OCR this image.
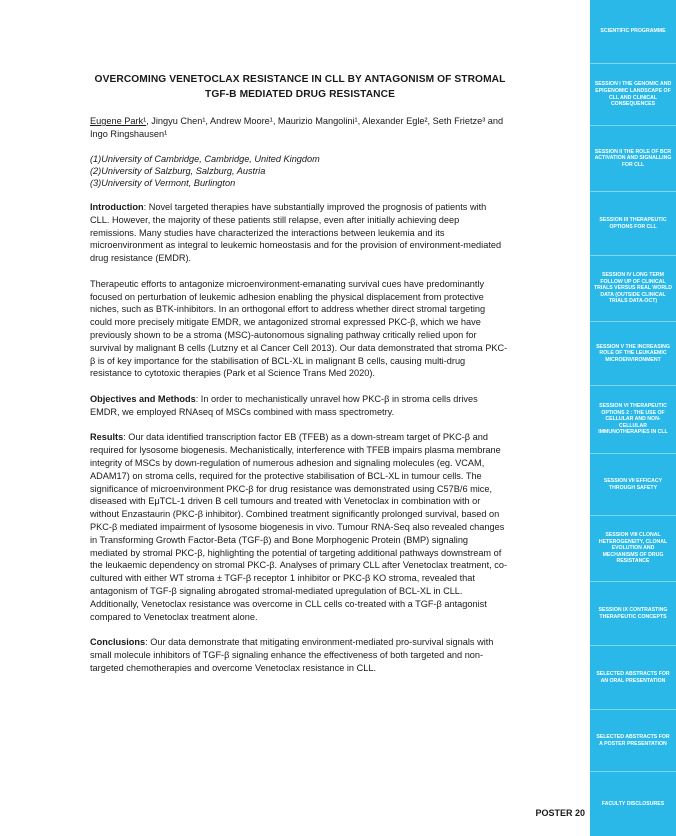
OVERCOMING VENETOCLAX RESISTANCE IN CLL BY ANTAGONISM OF STROMAL
TGF-B MEDIATED DRUG RESISTANCE
Eugene Park¹, Jingyu Chen¹, Andrew Moore¹, Maurizio Mangolini¹, Alexander Egle², Seth Frietze³ and Ingo Ringshausen¹
(1)University of Cambridge, Cambridge, United Kingdom
(2)University of Salzburg, Salzburg, Austria
(3)University of Vermont, Burlington

Introduction: Novel targeted therapies have substantially improved the prognosis of patients with CLL. However, the majority of these patients still relapse, even after initially achieving deep remissions. Many studies have characterized the interactions between leukemia and its microenvironment as integral to leukemic homeostasis and for the provision of environment-mediated drug resistance (EMDR).

Therapeutic efforts to antagonize microenvironment-emanating survival cues have predominantly focused on perturbation of leukemic adhesion enabling the physical displacement from protective niches, such as BTK-inhibitors. In an orthogonal effort to address whether direct stromal targeting could more precisely mitigate EMDR, we antagonized stromal expressed PKC-β, which we have previously shown to be a stroma (MSC)-autonomous signaling pathway critically relied upon for survival by malignant B cells (Lutzny et al Cancer Cell 2013). Our data demonstrated that stroma PKC-β is of key importance for the stabilisation of BCL-XL in malignant B cells, causing multi-drug resistance to cytotoxic therapies (Park et al Science Trans Med 2020).

Objectives and Methods: In order to mechanistically unravel how PKC-β in stroma cells drives EMDR, we employed RNAseq of MSCs combined with mass spectrometry.

Results: Our data identified transcription factor EB (TFEB) as a down-stream target of PKC-β and required for lysosome biogenesis. Mechanistically, interference with TFEB impairs plasma membrane integrity of MSCs by down-regulation of numerous adhesion and signaling molecules (eg. VCAM, ADAM17) on stroma cells, required for the protective stabilisation of BCL-XL in tumour cells. The significance of microenvironment PKC-β for drug resistance was demonstrated using C57B/6 mice, diseased with EμTCL-1 driven B cell tumours and treated with Venetoclax in combination with or without Enzastaurin (PKC-β inhibitor). Combined treatment significantly prolonged survival, based on PKC-β mediated impairment of lysosome biogenesis in vivo. Tumour RNA-Seq also revealed changes in Transforming Growth Factor-Beta (TGF-β) and Bone Morphogenic Protein (BMP) signaling mediated by stromal PKC-β, highlighting the potential of targeting additional pathways downstream of the leukaemic dependency on stromal PKC-β. Analyses of primary CLL after Venetoclax treatment, co-cultured with either WT stroma ± TGF-β receptor 1 inhibitor or PKC-β KO stroma, revealed that antagonism of TGF-β signaling abrogated stromal-mediated upregulation of BCL-XL in CLL. Additionally, Venetoclax resistance was overcome in CLL cells co-treated with a TGF-β antagonist compared to Venetoclax treatment alone.

Conclusions: Our data demonstrate that mitigating environment-mediated pro-survival signals with small molecule inhibitors of TGF-β signaling enhance the effectiveness of both targeted and non-targeted chemotherapies and overcome Venetoclax resistance in CLL.

POSTER 20
SCIENTIFIC PROGRAMME
SESSION I THE GENOMIC AND EPIGENOMIC LANDSCAPE OF CLL AND CLINICAL CONSEQUENCES
SESSION II THE ROLE OF BCR ACTIVATION AND SIGNALLING FOR CLL
SESSION III THERAPEUTIC OPTIONS FOR CLL
SESSION IV LONG TERM FOLLOW UP OF CLINICAL TRIALS VERSUS REAL WORLD DATA (OUTSIDE CLINICAL TRIALS DATA-OCT)
SESSION V THE INCREASING ROLE OF THE LEUKAEMIC MICROENVIRONMENT
SESSION VI THERAPEUTIC OPTIONS 2 : THE USE OF CELLULAR AND NON-CELLULAR IMMUNOTHERAPIES IN CLL
SESSION VII EFFICACY THROUGH SAFETY
SESSION VIII CLONAL HETEROGENEITY, CLONAL EVOLUTION AND MECHANISMS OF DRUG RESISTANCE
SESSION IX CONTRASTING THERAPEUTIC CONCEPTS
SELECTED ABSTRACTS FOR AN ORAL PRESENTATION
SELECTED ABSTRACTS FOR A POSTER PRESENTATION
FACULTY DISCLOSURES
